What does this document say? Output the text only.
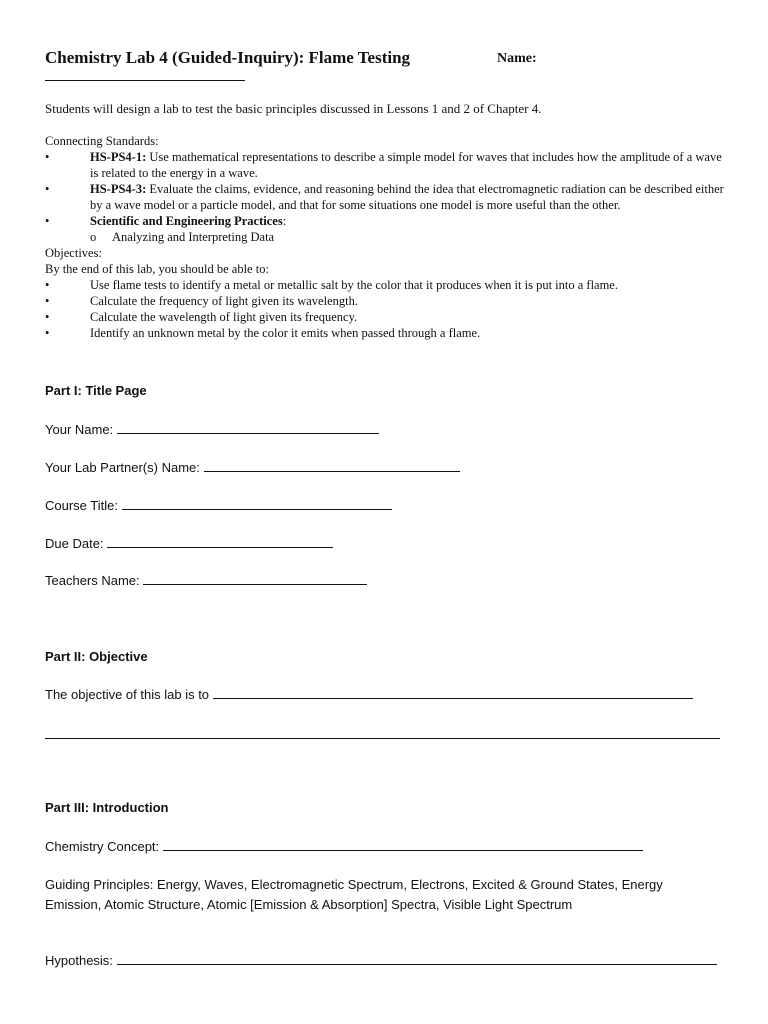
Chemistry Lab 4 (Guided-Inquiry): Flame Testing	Name:
Students will design a lab to test the basic principles discussed in Lessons 1 and 2 of Chapter 4.
Connecting Standards:
•	HS-PS4-1: Use mathematical representations to describe a simple model for waves that includes how the amplitude of a wave is related to the energy in a wave.
•	HS-PS4-3: Evaluate the claims, evidence, and reasoning behind the idea that electromagnetic radiation can be described either by a wave model or a particle model, and that for some situations one model is more useful than the other.
•	Scientific and Engineering Practices:
o	Analyzing and Interpreting Data
Objectives:
By the end of this lab, you should be able to:
•	Use flame tests to identify a metal or metallic salt by the color that it produces when it is put into a flame.
•	Calculate the frequency of light given its wavelength.
•	Calculate the wavelength of light given its frequency.
•	Identify an unknown metal by the color it emits when passed through a flame.
Part I: Title Page
Your Name:
Your Lab Partner(s) Name:
Course Title:
Due Date:
Teachers Name:
Part II: Objective
The objective of this lab is to
Part III: Introduction
Chemistry Concept:
Guiding Principles: Energy, Waves, Electromagnetic Spectrum, Electrons, Excited & Ground States, Energy Emission, Atomic Structure, Atomic [Emission & Absorption] Spectra, Visible Light Spectrum
Hypothesis:
